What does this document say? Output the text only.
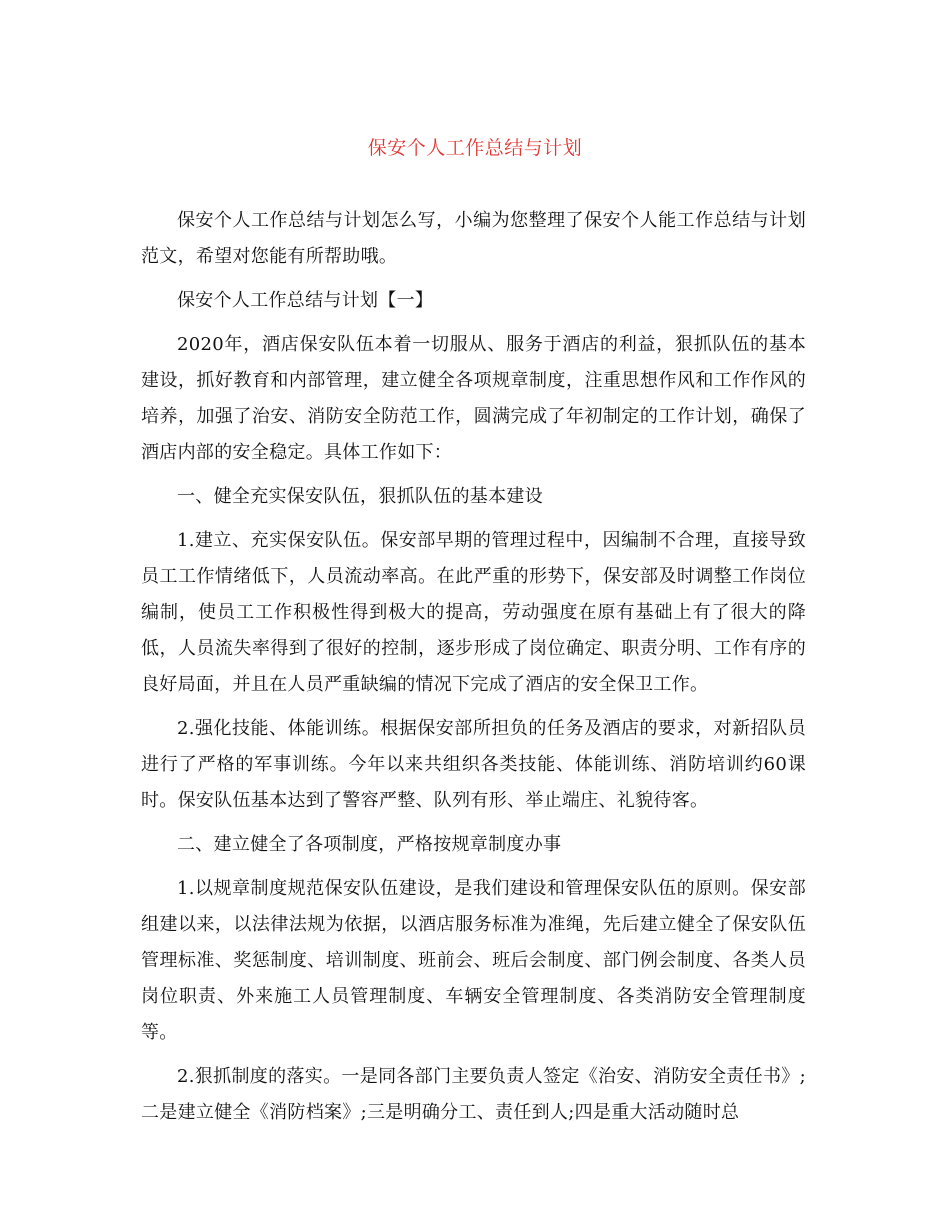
保安个人工作总结与计划

保安个人工作总结与计划怎么写，小编为您整理了保安个人能工作总结与计划范文，希望对您能有所帮助哦。

保安个人工作总结与计划【一】

2020年，酒店保安队伍本着一切服从、服务于酒店的利益，狠抓队伍的基本建设，抓好教育和内部管理，建立健全各项规章制度，注重思想作风和工作作风的培养，加强了治安、消防安全防范工作，圆满完成了年初制定的工作计划，确保了酒店内部的安全稳定。具体工作如下：

一、健全充实保安队伍，狠抓队伍的基本建设

1.建立、充实保安队伍。保安部早期的管理过程中，因编制不合理，直接导致员工工作情绪低下，人员流动率高。在此严重的形势下，保安部及时调整工作岗位编制，使员工工作积极性得到极大的提高，劳动强度在原有基础上有了很大的降低，人员流失率得到了很好的控制，逐步形成了岗位确定、职责分明、工作有序的良好局面，并且在人员严重缺编的情况下完成了酒店的安全保卫工作。

2.强化技能、体能训练。根据保安部所担负的任务及酒店的要求，对新招队员进行了严格的军事训练。今年以来共组织各类技能、体能训练、消防培训约60课时。保安队伍基本达到了警容严整、队列有形、举止端庄、礼貌待客。

二、建立健全了各项制度，严格按规章制度办事

1.以规章制度规范保安队伍建设，是我们建设和管理保安队伍的原则。保安部组建以来，以法律法规为依据，以酒店服务标准为准绳，先后建立健全了保安队伍管理标准、奖惩制度、培训制度、班前会、班后会制度、部门例会制度、各类人员岗位职责、外来施工人员管理制度、车辆安全管理制度、各类消防安全管理制度等。

2.狠抓制度的落实。一是同各部门主要负责人签定《治安、消防安全责任书》;二是建立健全《消防档案》;三是明确分工、责任到人;四是重大活动随时总
